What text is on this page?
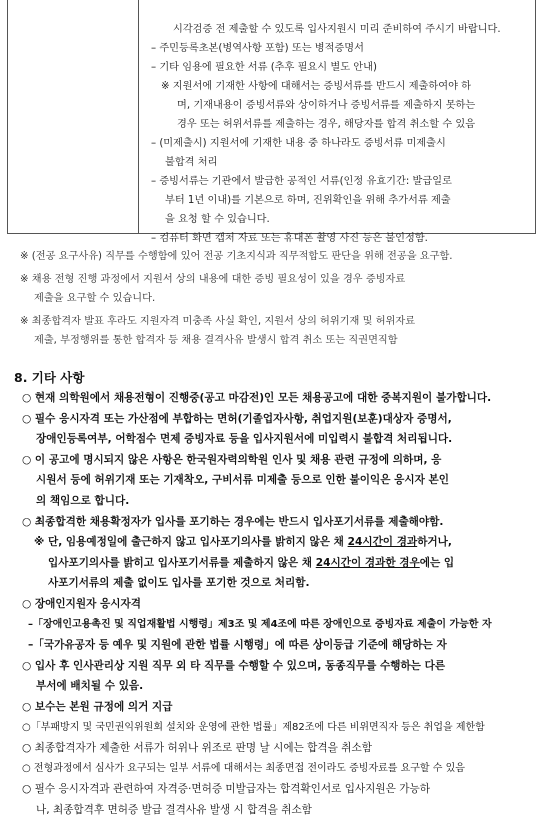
시각검증 전 제출할 수 있도록 입사지원시 미리 준비하여 주시기 바랍니다.
– 주민등록초본(병역사항 포함) 또는 병적증명서
– 기타 임용에 필요한 서류 (추후 필요시 별도 안내)
※ 지원서에 기재한 사항에 대해서는 증빙서류를 반드시 제출하여야 하
며, 기재내용이 증빙서류와 상이하거나 증빙서류를 제출하지 못하는
경우 또는 허위서류를 제출하는 경우, 해당자를 합격 취소할 수 있음
– (미제출시) 지원서에 기재한 내용 중 하나라도 증빙서류 미제출시
불합격 처리
– 증빙서류는 기관에서 발급한 공적인 서류(인정 유효기간: 발급일로
부터 1년 이내)를 기본으로 하며, 진위확인을 위해 추가서류 제출
을 요청 할 수 있습니다.
– 컴퓨터 화면 캡처 자료 또는 휴대폰 촬영 사진 등은 불인정함.
※ (전공 요구사유) 직무를 수행함에 있어 전공 기초지식과 직무적합도 판단을 위해 전공을 요구함.
※ 채용 전형 진행 과정에서 지원서 상의 내용에 대한 증빙 필요성이 있을 경우 증빙자료
제출을 요구할 수 있습니다.
※ 최종합격자 발표 후라도 지원자격 미충족 사실 확인, 지원서 상의 허위기재 및 허위자료
제출, 부정행위를 통한 합격자 등 채용 결격사유 발생시 합격 취소 또는 직권면직함
8. 기타 사항
○ 현재 의학원에서 채용전형이 진행중(공고 마감전)인 모든 채용공고에 대한 중복지원이 불가합니다.
○ 필수 응시자격 또는 가산점에 부합하는 면허(기졸업자사항, 취업지원(보훈)대상자 증명서,
장애인등록여부, 어학점수 면제 증빙자료 등을 입사지원서에 미입력시 불합격 처리됩니다.
○ 이 공고에 명시되지 않은 사항은 한국원자력의학원 인사 및 채용 관련 규정에 의하며, 응
시원서 등에 허위기재 또는 기재착오, 구비서류 미제출 등으로 인한 불이익은 응시자 본인
의 책임으로 합니다.
○ 최종합격한 채용확정자가 입사를 포기하는 경우에는 반드시 입사포기서류를 제출해야함.
※ 단, 임용예정일에 출근하지 않고 입사포기의사를 밝히지 않은 채 24시간이 경과하거나,
입사포기의사를 밝히고 입사포기서류를 제출하지 않은 채 24시간이 경과한 경우에는 입
사포기서류의 제출 없이도 입사를 포기한 것으로 처리함.
○ 장애인지원자 응시자격
–「장애인고용촉진 및 직업재활법 시행령」제3조 및 제4조에 따른 장애인으로 증빙자료 제출이 가능한 자
–「국가유공자 등 예우 및 지원에 관한 법률 시행령」에 따른 상이등급 기준에 해당하는 자
○ 입사 후 인사관리상 지원 직무 외 타 직무를 수행할 수 있으며, 동종직무를 수행하는 다른
부서에 배치될 수 있음.
○ 보수는 본원 규정에 의거 지급
○「부패방지 및 국민권익위원회 설치와 운영에 관한 법률」제82조에 다른 비위면직자 등은 취업을 제한함
○ 최종합격자가 제출한 서류가 허위나 위조로 판명 날 시에는 합격을 취소함
○ 전형과정에서 심사가 요구되는 일부 서류에 대해서는 최종면접 전이라도 증빙자료를 요구할 수 있음
○ 필수 응시자격과 관련하여 자격증·면허증 미발급자는 합격확인서로 입사지원은 가능하
나, 최종합격후 면허증 발급 결격사유 발생 시 합격을 취소함
